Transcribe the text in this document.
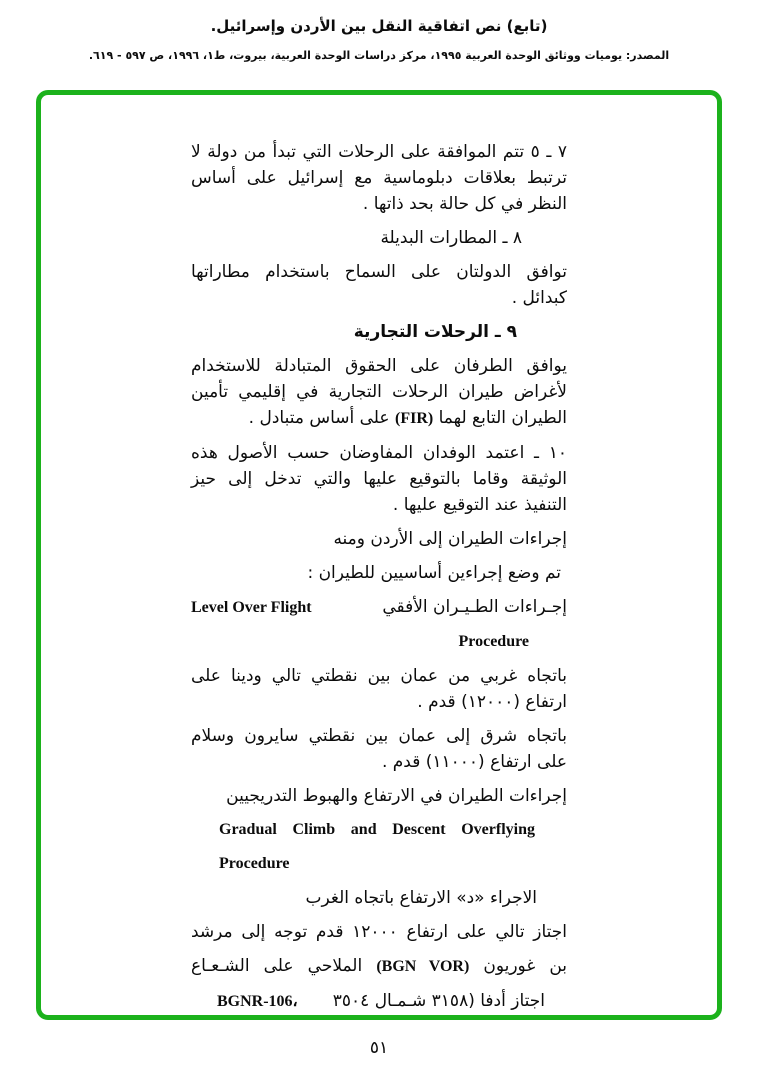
(تابع) نص اتفاقية النقل بين الأردن وإسرائيل.
المصدر: يوميات ووثائق الوحدة العربية ١٩٩٥، مركز دراسات الوحدة العربية، بيروت، ط١، ١٩٩٦، ص ٥٩٧ - ٦١٩.
٧ ـ ٥ تتم الموافقة على الرحلات التي تبدأ من دولة لا ترتبط بعلاقات دبلوماسية مع إسرائيل على أساس النظر في كل حالة بحد ذاتها .
٨ ـ المطارات البديلة
توافق الدولتان على السماح باستخدام مطاراتها كبدائل .
٩ ـ الرحلات التجارية
يوافق الطرفان على الحقوق المتبادلة للاستخدام لأغراض طيران الرحلات التجارية في إقليمي تأمين الطيران التابع لهما (FIR) على أساس متبادل .
١٠ ـ اعتمد الوفدان المفاوضان حسب الأصول هذه الوثيقة وقاما بالتوقيع عليها والتي تدخل إلى حيز التنفيذ عند التوقيع عليها .
إجراءات الطيران إلى الأردن ومنه
تم وضع إجراءين أساسيين للطيران :
إجـراءات الطـيـران الأفقي
Level Over Flight
Procedure
باتجاه غربي من عمان بين نقطتي تالي ودينا على ارتفاع (١٢٠٠٠) قدم .
باتجاه شرق إلى عمان بين نقطتي سايرون وسلام على ارتفاع (١١٠٠٠) قدم .
إجراءات الطيران في الارتفاع والهبوط التدريجيين
Gradual Climb and Descent Overflying
Procedure
الاجراء «د» الارتفاع باتجاه الغرب
اجتاز تالي على ارتفاع ١٢٠٠٠ قدم توجه إلى مرشد
بن غوريون (BGN VOR) الملاحي على الشـعـاع
BGNR-106، اجتاز أدفا (٣١٥٨ شـمـال ٣٥٠٤
٥١
